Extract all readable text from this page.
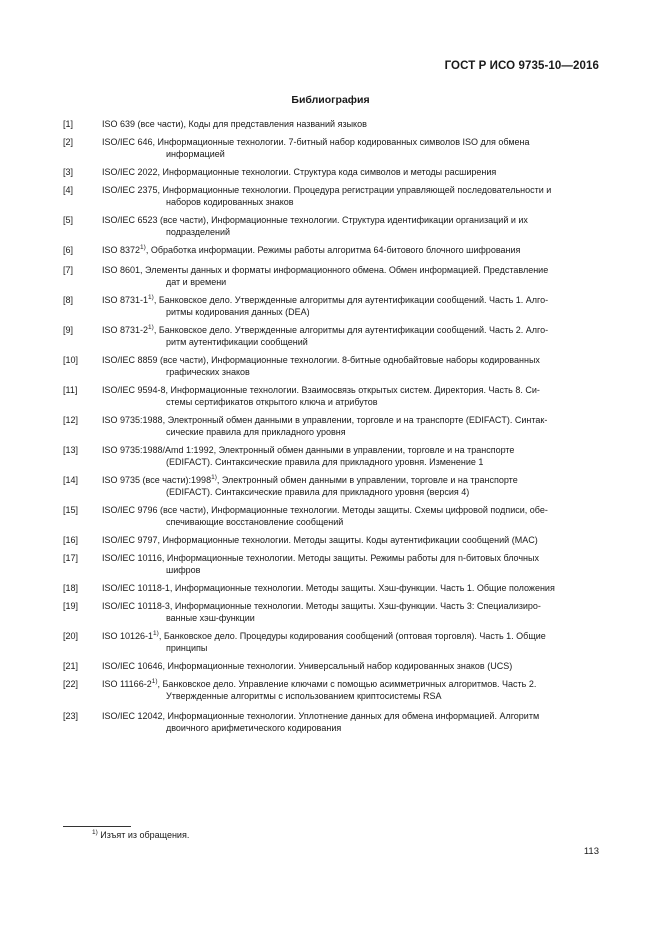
ГОСТ Р ИСО 9735-10—2016
Библиография
[1]	ISO 639 (все части), Коды для представления названий языков
[2]	ISO/IEC 646, Информационные технологии. 7-битный набор кодированных символов ISO для обмена
информацией
[3]	ISO/IEC 2022, Информационные технологии. Структура кода символов и методы расширения
[4]	ISO/IEC 2375, Информационные технологии. Процедура регистрации управляющей последовательности и
наборов кодированных знаков
[5]	ISO/IEC 6523 (все части), Информационные технологии. Структура идентификации организаций и их
подразделений
[6]	ISO 8372$^{1)}$, Обработка информации. Режимы работы алгоритма 64-битового блочного шифрования
[7]	ISO 8601, Элементы данных и форматы информационного обмена. Обмен информацией. Представление
дат и времени
[8]	ISO 8731-1$^{1)}$, Банковское дело. Утвержденные алгоритмы для аутентификации сообщений. Часть 1. Алго-
ритмы кодирования данных (DEA)
[9]	ISO 8731-2$^{1)}$, Банковское дело. Утвержденные алгоритмы для аутентификации сообщений. Часть 2. Алго-
ритм аутентификации сообщений
[10]	ISO/IEC 8859 (все части), Информационные технологии. 8-битные однобайтовые наборы кодированных
графических знаков
[11]	ISO/IEC 9594-8, Информационные технологии. Взаимосвязь открытых систем. Директория. Часть 8. Си-
стемы сертификатов открытого ключа и атрибутов
[12]	ISO 9735:1988, Электронный обмен данными в управлении, торговле и на транспорте (EDIFACT). Синтак-
сические правила для прикладного уровня
[13]	ISO 9735:1988/Amd 1:1992, Электронный обмен данными в управлении, торговле и на транспорте
(EDIFACT). Синтаксические правила для прикладного уровня. Изменение 1
[14]	ISO 9735 (все части):1998$^{1)}$, Электронный обмен данными в управлении, торговле и на транспорте
(EDIFACT). Синтаксические правила для прикладного уровня (версия 4)
[15]	ISO/IEC 9796 (все части), Информационные технологии. Методы защиты. Схемы цифровой подписи, обе-
спечивающие восстановление сообщений
[16]	ISO/IEC 9797, Информационные технологии. Методы защиты. Коды аутентификации сообщений (MAC)
[17]	ISO/IEC 10116, Информационные технологии. Методы защиты. Режимы работы для n-битовых блочных
шифров
[18]	ISO/IEC 10118-1, Информационные технологии. Методы защиты. Хэш-функции. Часть 1. Общие положения
[19]	ISO/IEC 10118-3, Информационные технологии. Методы защиты. Хэш-функции. Часть 3: Специализиро-
ванные хэш-функции
[20]	ISO 10126-1$^{1)}$, Банковское дело. Процедуры кодирования сообщений (оптовая торговля). Часть 1. Общие
принципы
[21]	ISO/IEC 10646, Информационные технологии. Универсальный набор кодированных знаков (UCS)
[22]	ISO 11166-2$^{1)}$, Банковское дело. Управление ключами с помощью асимметричных алгоритмов. Часть 2.
Утвержденные алгоритмы с использованием криптосистемы RSA
[23]	ISO/IEC 12042, Информационные технологии. Уплотнение данных для обмена информацией. Алгоритм
двоичного арифметического кодирования
$^{1)}$ Изъят из обращения.
113
